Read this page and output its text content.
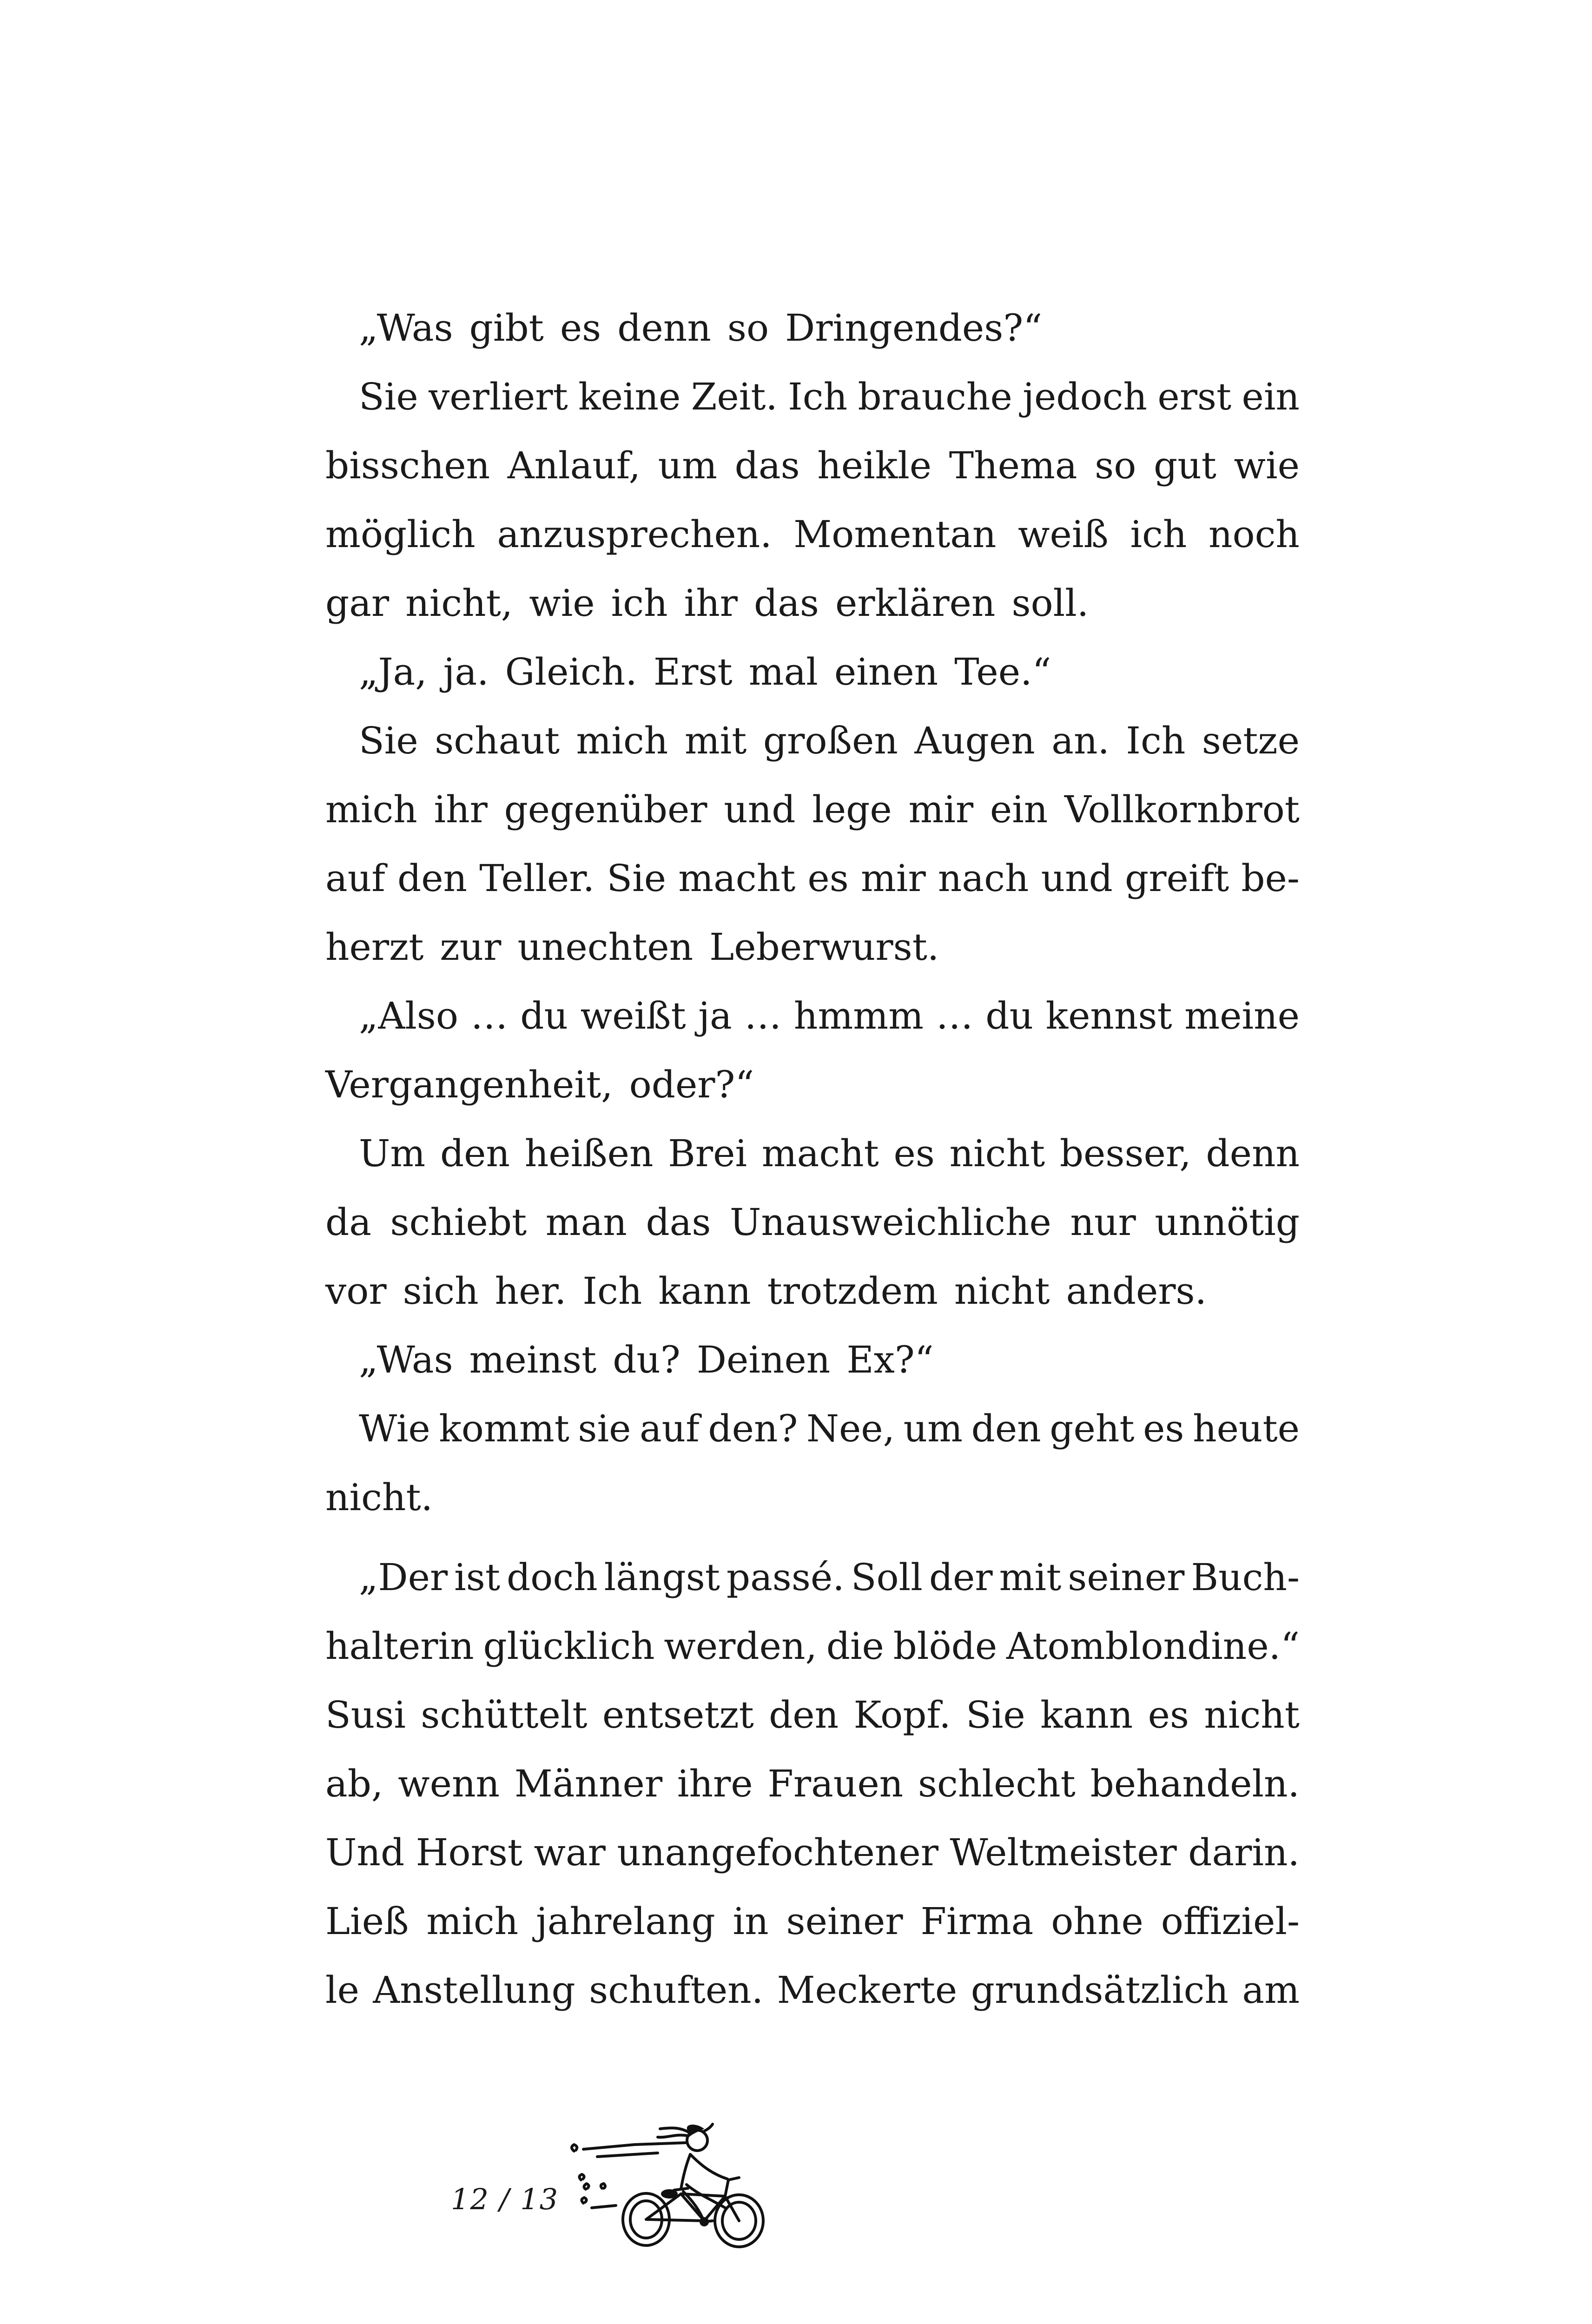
„Was gibt es denn so Dringendes?“
Sie verliert keine Zeit. Ich brauche jedoch erst ein
bisschen Anlauf, um das heikle Thema so gut wie
möglich anzusprechen. Momentan weiß ich noch
gar nicht, wie ich ihr das erklären soll.
„Ja, ja. Gleich. Erst mal einen Tee.“
Sie schaut mich mit großen Augen an. Ich setze
mich ihr gegenüber und lege mir ein Vollkornbrot
auf den Teller. Sie macht es mir nach und greift be-
herzt zur unechten Leberwurst.
„Also … du weißt ja … hmmm … du kennst meine
Vergangenheit, oder?“
Um den heißen Brei macht es nicht besser, denn
da schiebt man das Unausweichliche nur unnötig
vor sich her. Ich kann trotzdem nicht anders.
„Was meinst du? Deinen Ex?“
Wie kommt sie auf den? Nee, um den geht es heute
nicht.
„Der ist doch längst passé. Soll der mit seiner Buch-
halterin glücklich werden, die blöde Atomblondine.“
Susi schüttelt entsetzt den Kopf. Sie kann es nicht
ab, wenn Männer ihre Frauen schlecht behandeln.
Und Horst war unangefochtener Weltmeister darin.
Ließ mich jahrelang in seiner Firma ohne offiziel-
le Anstellung schuften. Meckerte grundsätzlich am
12 / 13
